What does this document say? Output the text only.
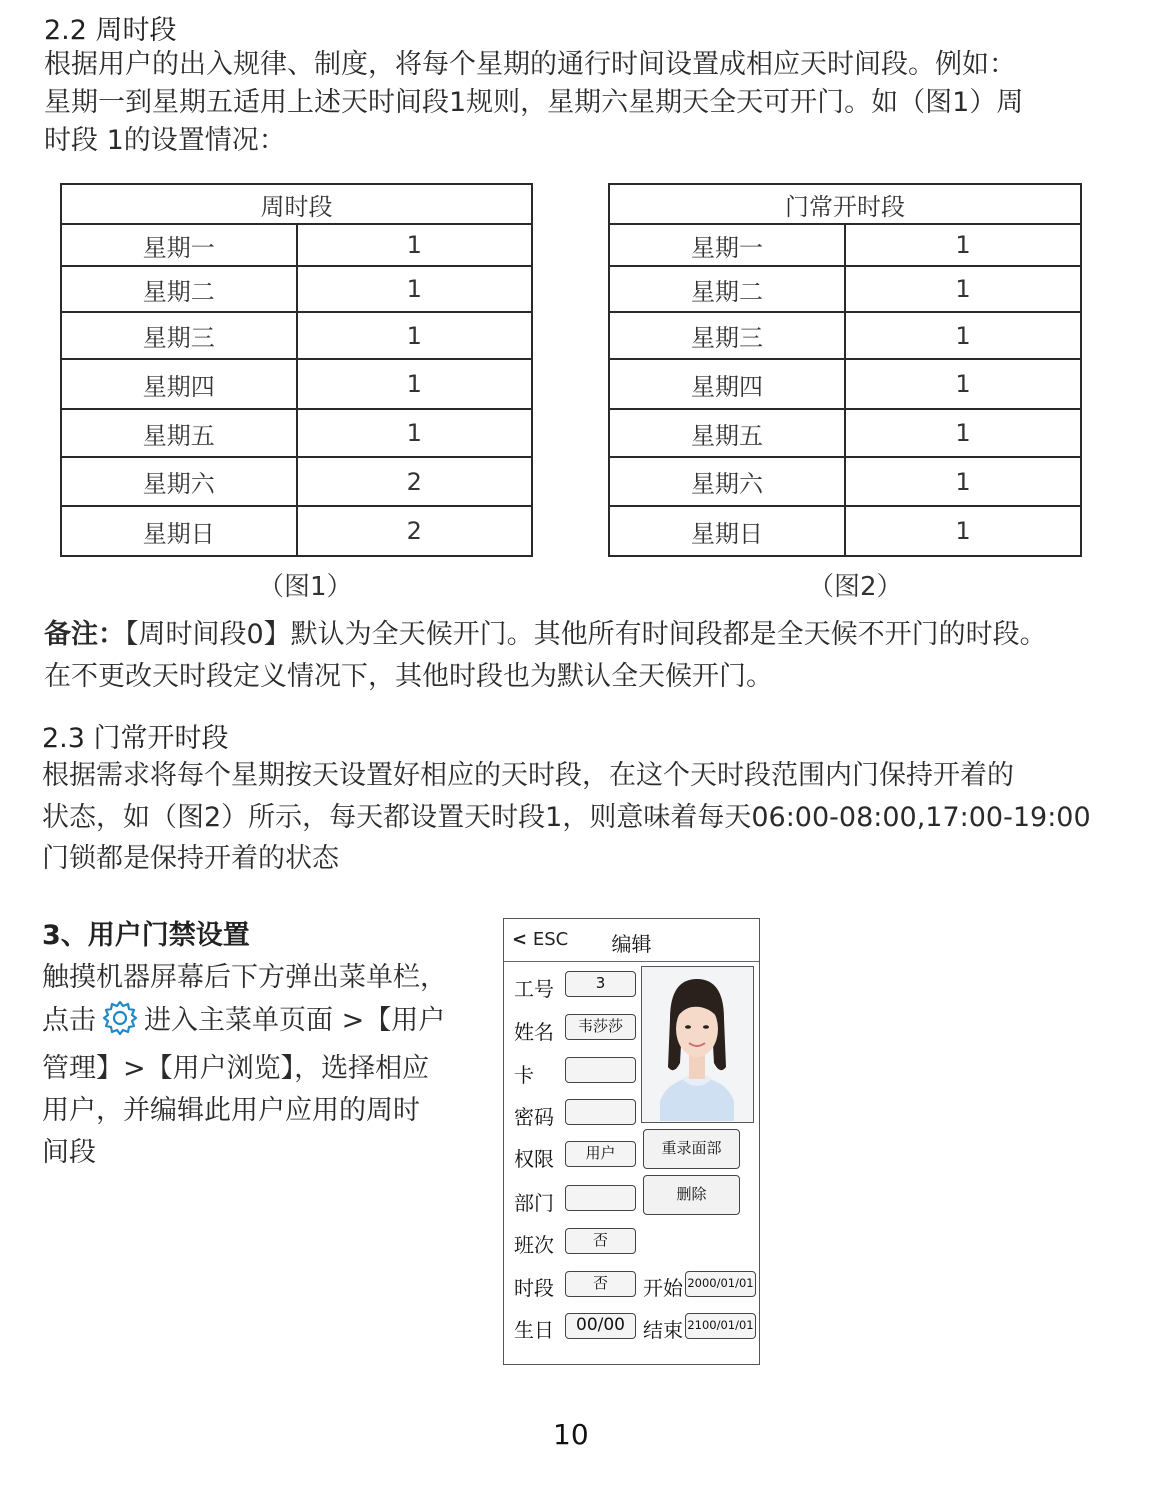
2.2 周时段
根据用户的出入规律、制度，将每个星期的通行时间设置成相应天时间段。例如：
星期一到星期五适用上述天时间段1规则，星期六星期天全天可开门。如（图1）周
时段 1的设置情况：
周时段	
星期一	1
星期二	1
星期三	1
星期四	1
星期五	1
星期六	2
星期日	2
（图1）
门常开时段	
星期一	1
星期二	1
星期三	1
星期四	1
星期五	1
星期六	1
星期日	1
（图2）
备注：【周时间段0】默认为全天候开门。其他所有时间段都是全天候不开门的时段。
在不更改天时段定义情况下，其他时段也为默认全天候开门。
2.3 门常开时段
根据需求将每个星期按天设置好相应的天时段，在这个天时段范围内门保持开着的
状态，如（图2）所示，每天都设置天时段1，则意味着每天06:00-08:00,17:00-19:00
门锁都是保持开着的状态
3、用户门禁设置
触摸机器屏幕后下方弹出菜单栏，
点击 进入主菜单页面 >【用户
管理】>【用户浏览】，选择相应
用户，并编辑此用户应用的周时
间段
< ESC	编辑
工号	3
姓名	韦莎莎
卡
密码
权限	用户
部门
班次	否
时段	否
生日	00/00
重录面部
删除
开始 2000/01/01
结束 2100/01/01
10
